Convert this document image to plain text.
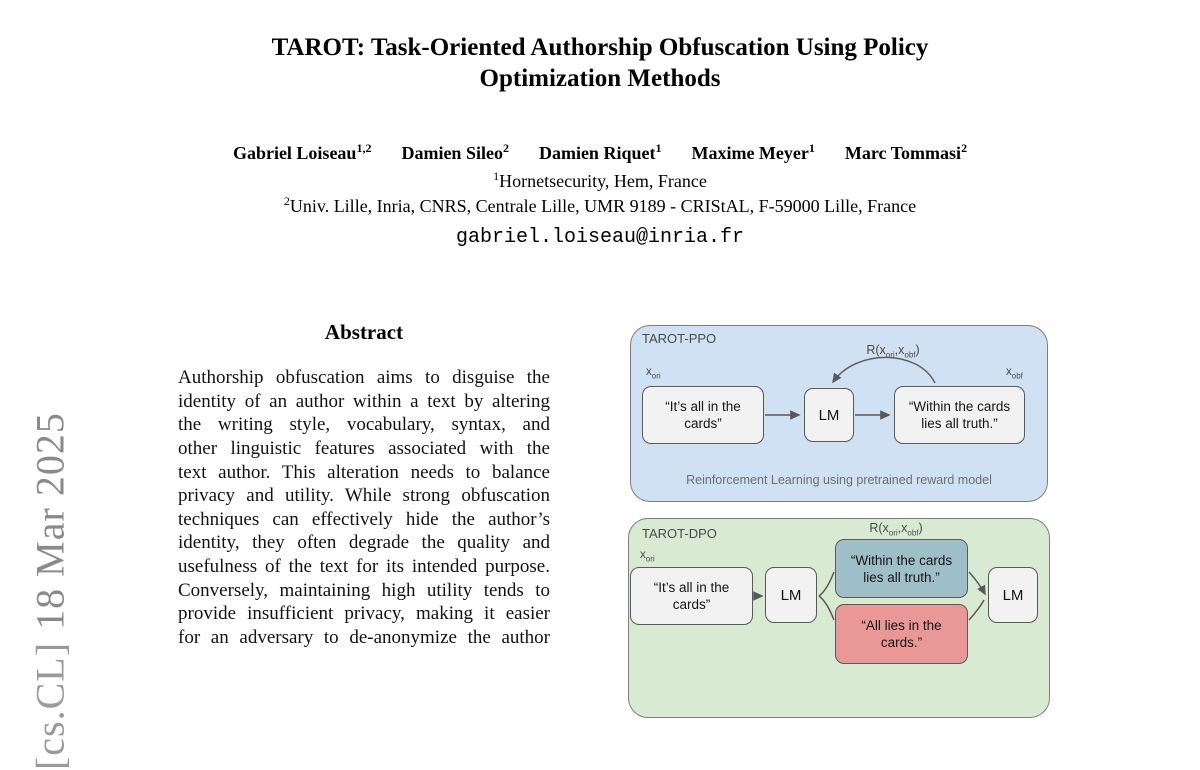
18 Mar 2025
[cs.CL]
TAROT: Task-Oriented Authorship Obfuscation Using Policy
Optimization Methods
Gabriel Loiseau$^{1,2}$ Damien Sileo$^2$ Damien Riquet$^1$ Maxime Meyer$^1$ Marc Tommasi$^2$
$^1$Hornetsecurity, Hem, France
$^2$Univ. Lille, Inria, CNRS, Centrale Lille, UMR 9189 - CRIStAL, F-59000 Lille, France
gabriel.loiseau@inria.fr
Abstract
Authorship obfuscation aims to disguise the
identity of an author within a text by altering
the writing style, vocabulary, syntax, and
other linguistic features associated with the
text author. This alteration needs to balance
privacy and utility. While strong obfuscation
techniques can effectively hide the author’s
identity, they often degrade the quality and
usefulness of the text for its intended purpose.
Conversely, maintaining high utility tends to
provide insufficient privacy, making it easier
for an adversary to de-anonymize the author
TAROT-PPO
$R(x_{ori},x_{obf})$
$x_{ori}$	$x_{obf}$
“It’s all in the
cards”	LM	“Within the cards
lies all truth.”
Reinforcement Learning using pretrained reward model
TAROT-DPO	$R(x_{ori},x_{obf})$
$x_{ori}$
“It’s all in the
cards”
LM
“Within the cards
lies all truth.”
“All lies in the
cards.”
LM
